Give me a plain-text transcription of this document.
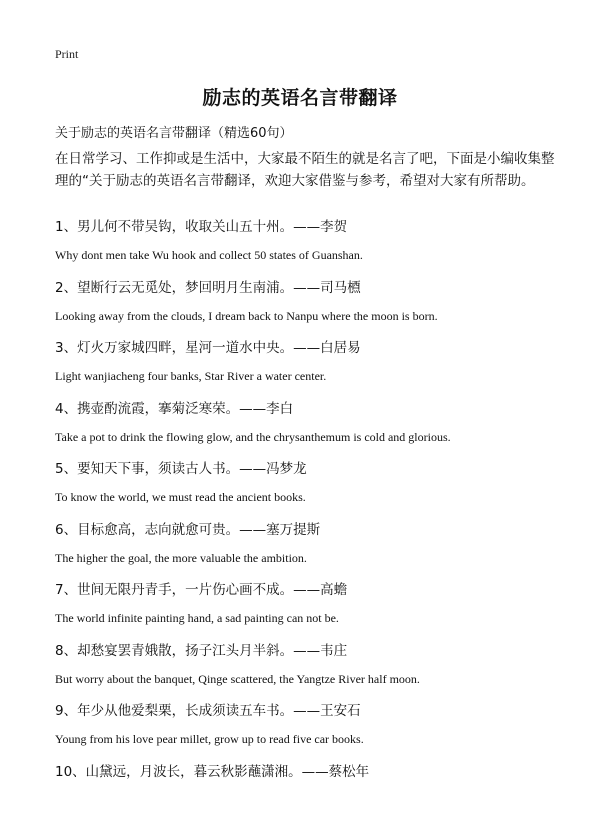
Print
励志的英语名言带翻译
关于励志的英语名言带翻译（精选60句）
在日常学习、工作抑或是生活中，大家最不陌生的就是名言了吧，下面是小编收集整理的“关于励志的英语名言带翻译，欢迎大家借鉴与参考，希望对大家有所帮助。
1、男儿何不带吴钩，收取关山五十州。——李贺
Why dont men take Wu hook and collect 50 states of Guanshan.
2、望断行云无觅处，梦回明月生南浦。——司马槱
Looking away from the clouds, I dream back to Nanpu where the moon is born.
3、灯火万家城四畔，星河一道水中央。——白居易
Light wanjiacheng four banks, Star River a water center.
4、携壶酌流霞，搴菊泛寒荣。——李白
Take a pot to drink the flowing glow, and the chrysanthemum is cold and glorious.
5、要知天下事，须读古人书。——冯梦龙
To know the world, we must read the ancient books.
6、目标愈高，志向就愈可贵。——塞万提斯
The higher the goal, the more valuable the ambition.
7、世间无限丹青手，一片伤心画不成。——高蟾
The world infinite painting hand, a sad painting can not be.
8、却愁宴罢青娥散，扬子江头月半斜。——韦庄
But worry about the banquet, Qinge scattered, the Yangtze River half moon.
9、年少从他爱梨栗，长成须读五车书。——王安石
Young from his love pear millet, grow up to read five car books.
10、山黛远，月波长，暮云秋影蘸潇湘。——蔡松年
